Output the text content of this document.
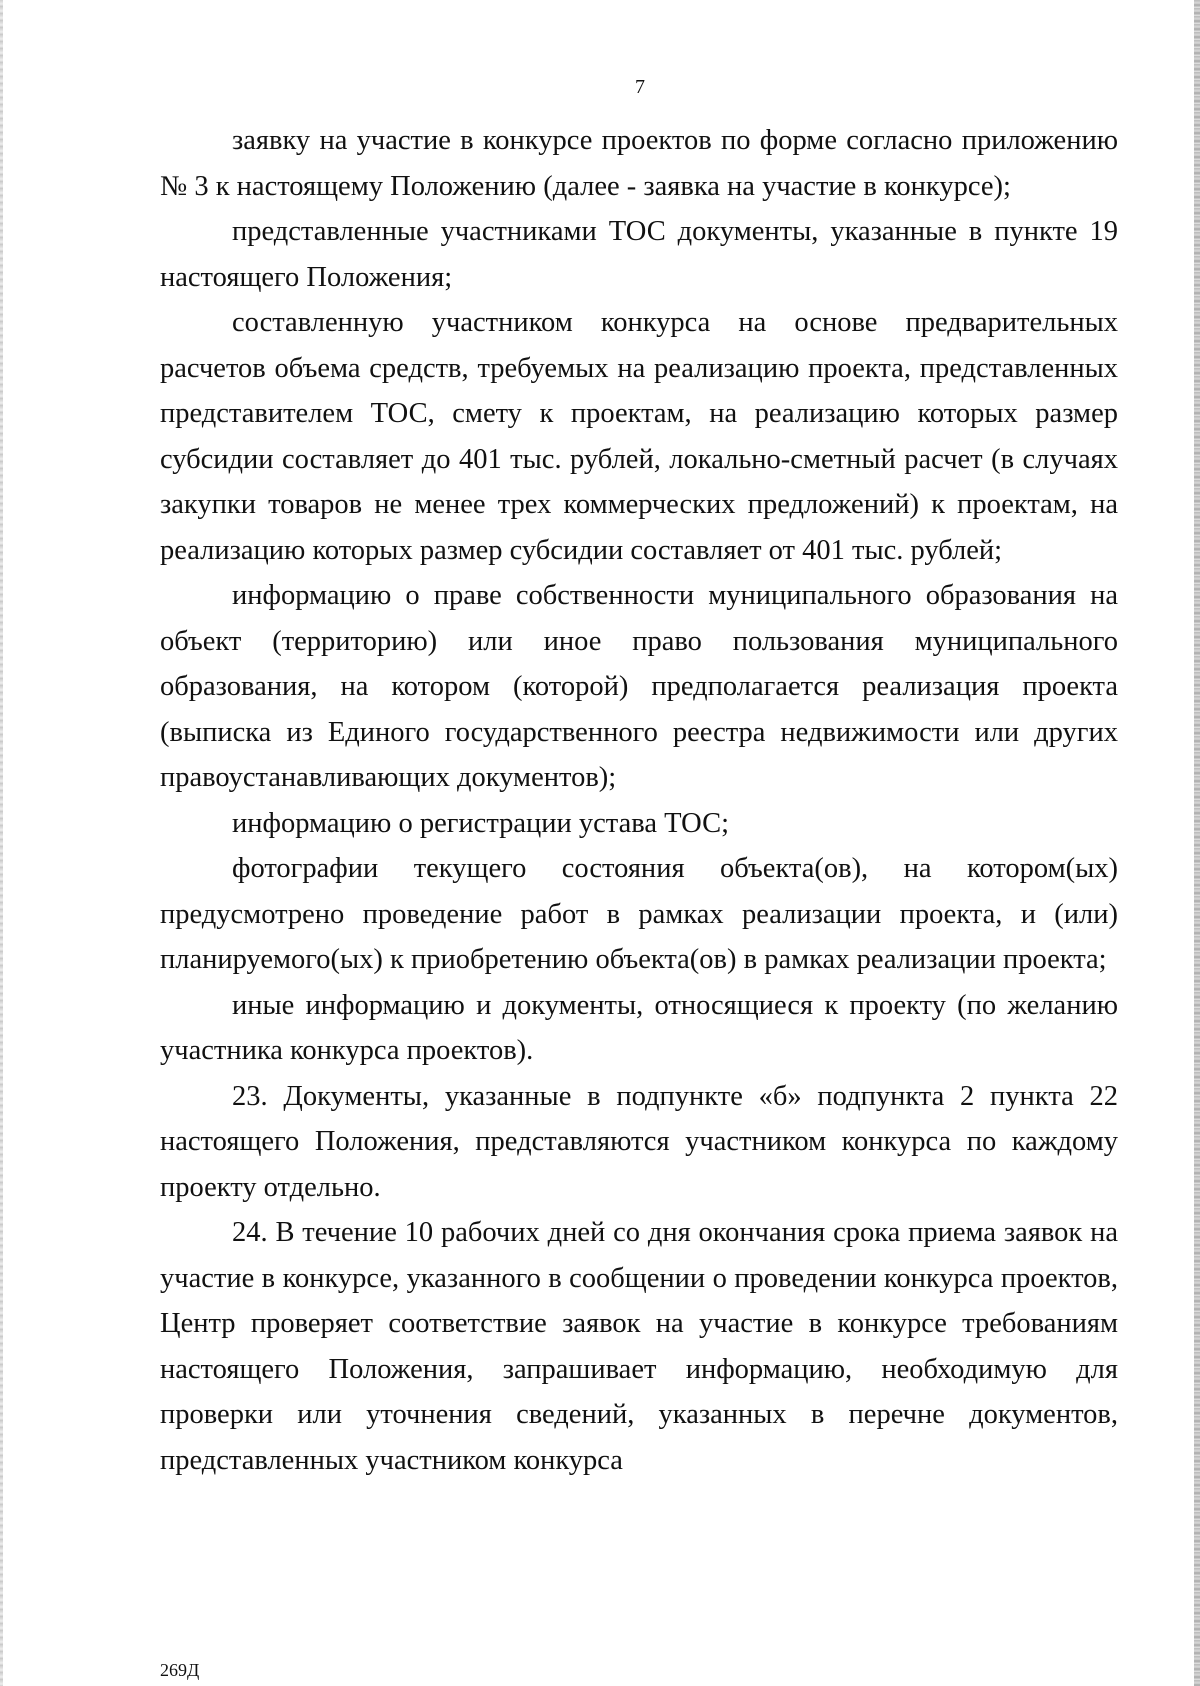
7

заявку на участие в конкурсе проектов по форме согласно приложению № 3 к настоящему Положению (далее - заявка на участие в конкурсе);

представленные участниками ТОС документы, указанные в пункте 19 настоящего Положения;

составленную участником конкурса на основе предварительных расчетов объема средств, требуемых на реализацию проекта, представленных представителем ТОС, смету к проектам, на реализацию которых размер субсидии составляет до 401 тыс. рублей, локально-сметный расчет (в случаях закупки товаров не менее трех коммерческих предложений) к проектам, на реализацию которых размер субсидии составляет от 401 тыс. рублей;

информацию о праве собственности муниципального образования на объект (территорию) или иное право пользования муниципального образования, на котором (которой) предполагается реализация проекта (выписка из Единого государственного реестра недвижимости или других правоустанавливающих документов);

информацию о регистрации устава ТОС;

фотографии текущего состояния объекта(ов), на котором(ых) предусмотрено проведение работ в рамках реализации проекта, и (или) планируемого(ых) к приобретению объекта(ов) в рамках реализации проекта;

иные информацию и документы, относящиеся к проекту (по желанию участника конкурса проектов).

23. Документы, указанные в подпункте «б» подпункта 2 пункта 22 настоящего Положения, представляются участником конкурса по каждому проекту отдельно.

24. В течение 10 рабочих дней со дня окончания срока приема заявок на участие в конкурсе, указанного в сообщении о проведении конкурса проектов, Центр проверяет соответствие заявок на участие в конкурсе требованиям настоящего Положения, запрашивает информацию, необходимую для проверки или уточнения сведений, указанных в перечне документов, представленных участником конкурса

269Д
